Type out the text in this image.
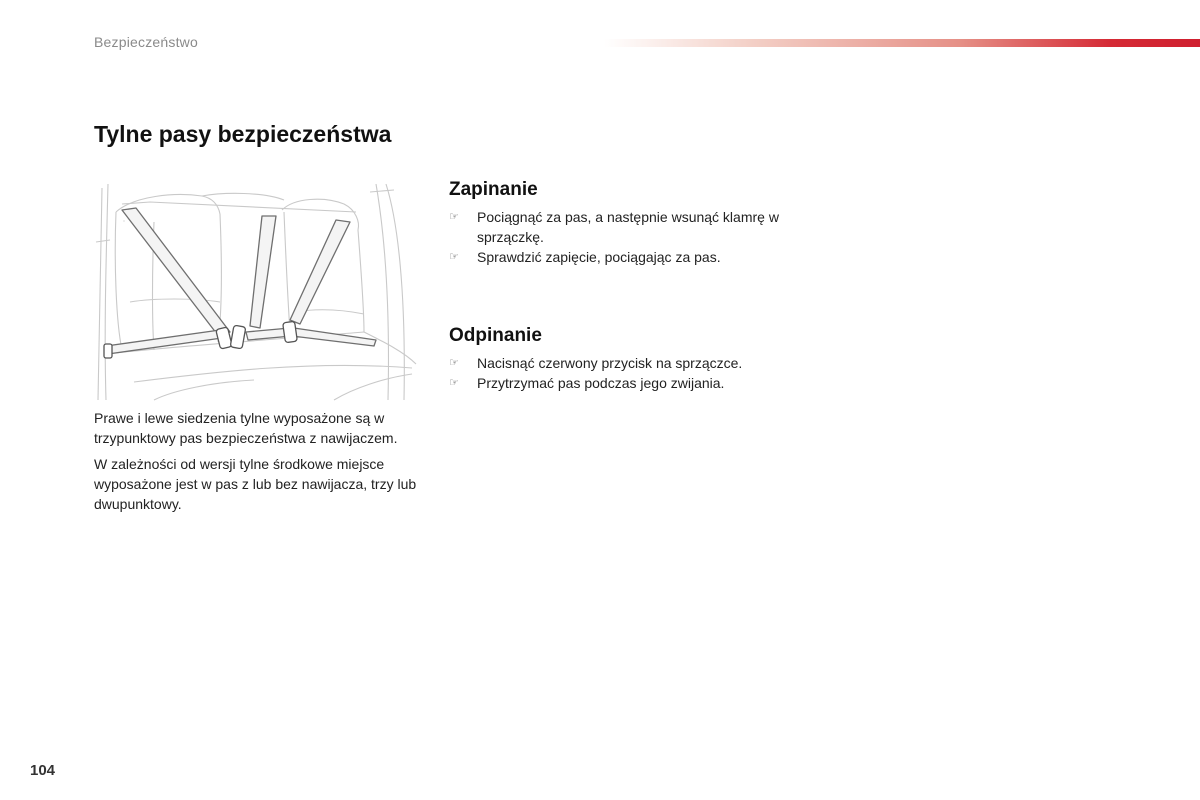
Bezpieczeństwo
Tylne pasy bezpieczeństwa

Prawe i lewe siedzenia tylne wyposażone są w trzypunktowy pas bezpieczeństwa z nawijaczem.

W zależności od wersji tylne środkowe miejsce wyposażone jest w pas z lub bez nawijacza, trzy lub dwupunktowy.

Zapinanie
☞ Pociągnąć za pas, a następnie wsunąć klamrę w sprzączkę.
☞ Sprawdzić zapięcie, pociągając za pas.
Odpinanie
☞ Nacisnąć czerwony przycisk na sprzączce.
☞ Przytrzymać pas podczas jego zwijania.
104
